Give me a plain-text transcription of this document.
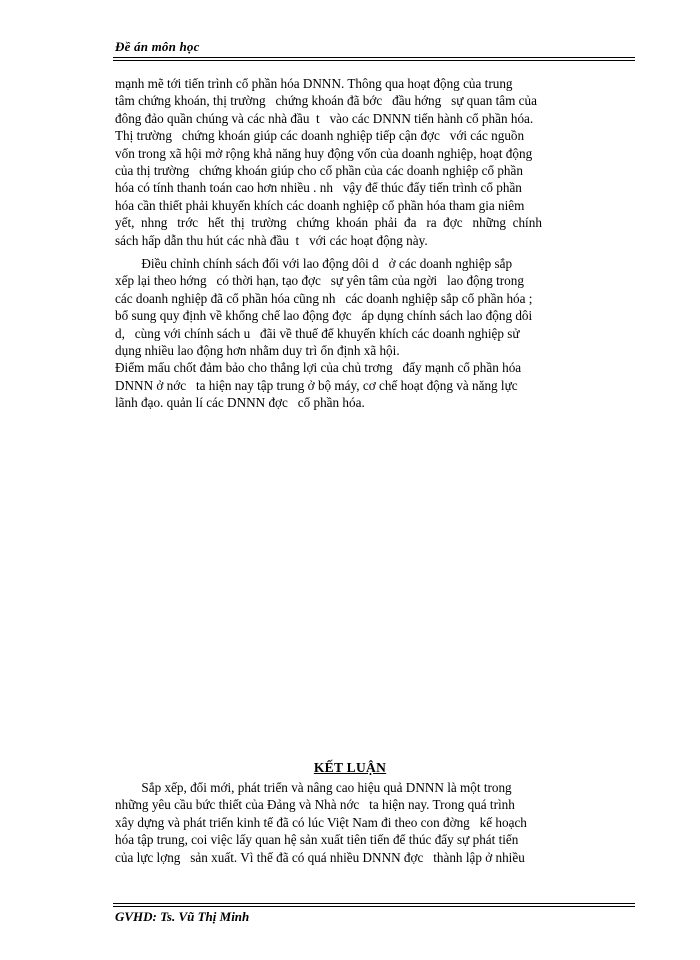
Đề án môn học
mạnh mẽ tới tiến trình cổ phần hóa DNNN. Thông qua hoạt động của trung
tâm chứng khoán, thị trường   chứng khoán đã bớc   đầu hớng   sự quan tâm của
đông đảo quần chúng và các nhà đầu  t   vào các DNNN tiến hành cổ phần hóa.
Thị trường   chứng khoán giúp các doanh nghiệp tiếp cận đợc   với các nguồn
vốn trong xã hội mở rộng khả năng huy động vốn của doanh nghiệp, hoạt động
của thị trường   chứng khoán giúp cho cổ phần của các doanh nghiệp cổ phần
hóa có tính thanh toán cao hơn nhiều . nh   vậy để thúc đẩy tiến trình cổ phần
hóa cần thiết phải khuyến khích các doanh nghiệp cổ phần hóa tham gia niêm
yết,  nhng   trớc   hết  thị  trường   chứng  khoán  phải  đa   ra  đợc   những  chính
sách hấp dẫn thu hút các nhà đầu  t   với các hoạt động này.
Điều chỉnh chính sách đối với lao động dôi d   ở các doanh nghiệp sắp
xếp lại theo hớng   có thời hạn, tạo đợc   sự yên tâm của ngời   lao động trong
các doanh nghiệp đã cổ phần hóa cũng nh   các doanh nghiệp sắp cổ phần hóa ;
bổ sung quy định về khống chế lao động đợc   áp dụng chính sách lao động dôi
d,   cùng với chính sách u   đãi về thuế để khuyến khích các doanh nghiệp sử
dụng nhiều lao động hơn nhằm duy trì ổn định xã hội.
Điểm mấu chốt đảm bảo cho thắng lợi của chủ trơng   đẩy mạnh cổ phần hóa
DNNN ở nớc   ta hiện nay tập trung ở bộ máy, cơ chế hoạt động và năng lực
lãnh đạo. quản lí các DNNN đợc   cổ phần hóa.
KẾT LUẬN
Sắp xếp, đổi mới, phát triển và nâng cao hiệu quả DNNN là một trong
những yêu cầu bức thiết của Đảng và Nhà nớc   ta hiện nay. Trong quá trình
xây dựng và phát triển kinh tế đã có lúc Việt Nam đi theo con đờng   kế hoạch
hóa tập trung, coi việc lấy quan hệ sản xuất tiên tiến để thúc đẩy sự phát tiển
của lực lợng   sản xuất. Vì thế đã có quá nhiều DNNN đợc   thành lập ở nhiều
GVHD: Ts. Vũ Thị Minh
